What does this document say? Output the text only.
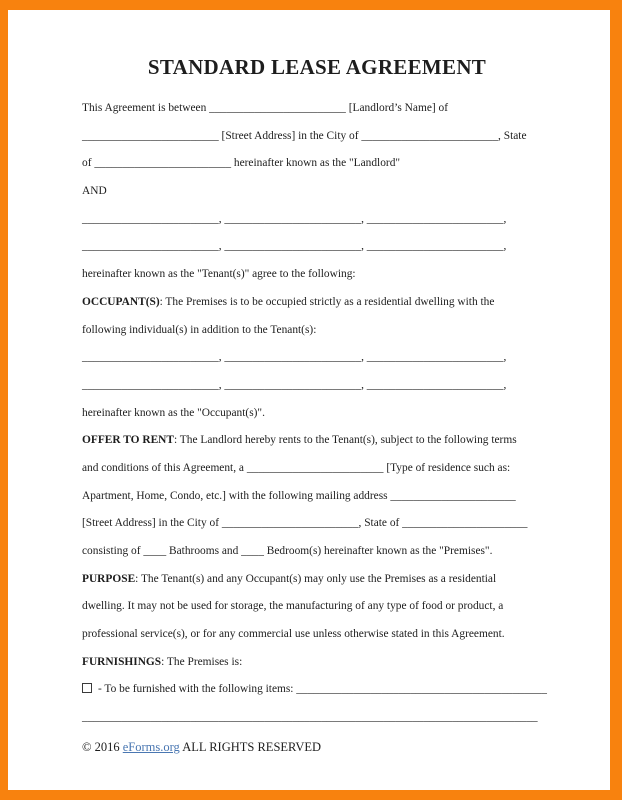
STANDARD LEASE AGREEMENT
This Agreement is between ________________________ [Landlord’s Name] of
________________________ [Street Address] in the City of ________________________, State
of ________________________ hereinafter known as the "Landlord"
AND
________________________, ________________________, ________________________,
________________________, ________________________, ________________________,
hereinafter known as the "Tenant(s)" agree to the following:
OCCUPANT(S): The Premises is to be occupied strictly as a residential dwelling with the
following individual(s) in addition to the Tenant(s):
________________________, ________________________, ________________________,
________________________, ________________________, ________________________,
hereinafter known as the "Occupant(s)".
OFFER TO RENT: The Landlord hereby rents to the Tenant(s), subject to the following terms
and conditions of this Agreement, a ________________________ [Type of residence such as:
Apartment, Home, Condo, etc.] with the following mailing address ______________________
[Street Address] in the City of ________________________, State of ______________________
consisting of ____ Bathrooms and ____ Bedroom(s) hereinafter known as the "Premises".
PURPOSE: The Tenant(s) and any Occupant(s) may only use the Premises as a residential
dwelling. It may not be used for storage, the manufacturing of any type of food or product, a
professional service(s), or for any commercial use unless otherwise stated in this Agreement.
FURNISHINGS: The Premises is:
- To be furnished with the following items: ____________________________________________
________________________________________________________________________________
© 2016 eForms.org ALL RIGHTS RESERVED
